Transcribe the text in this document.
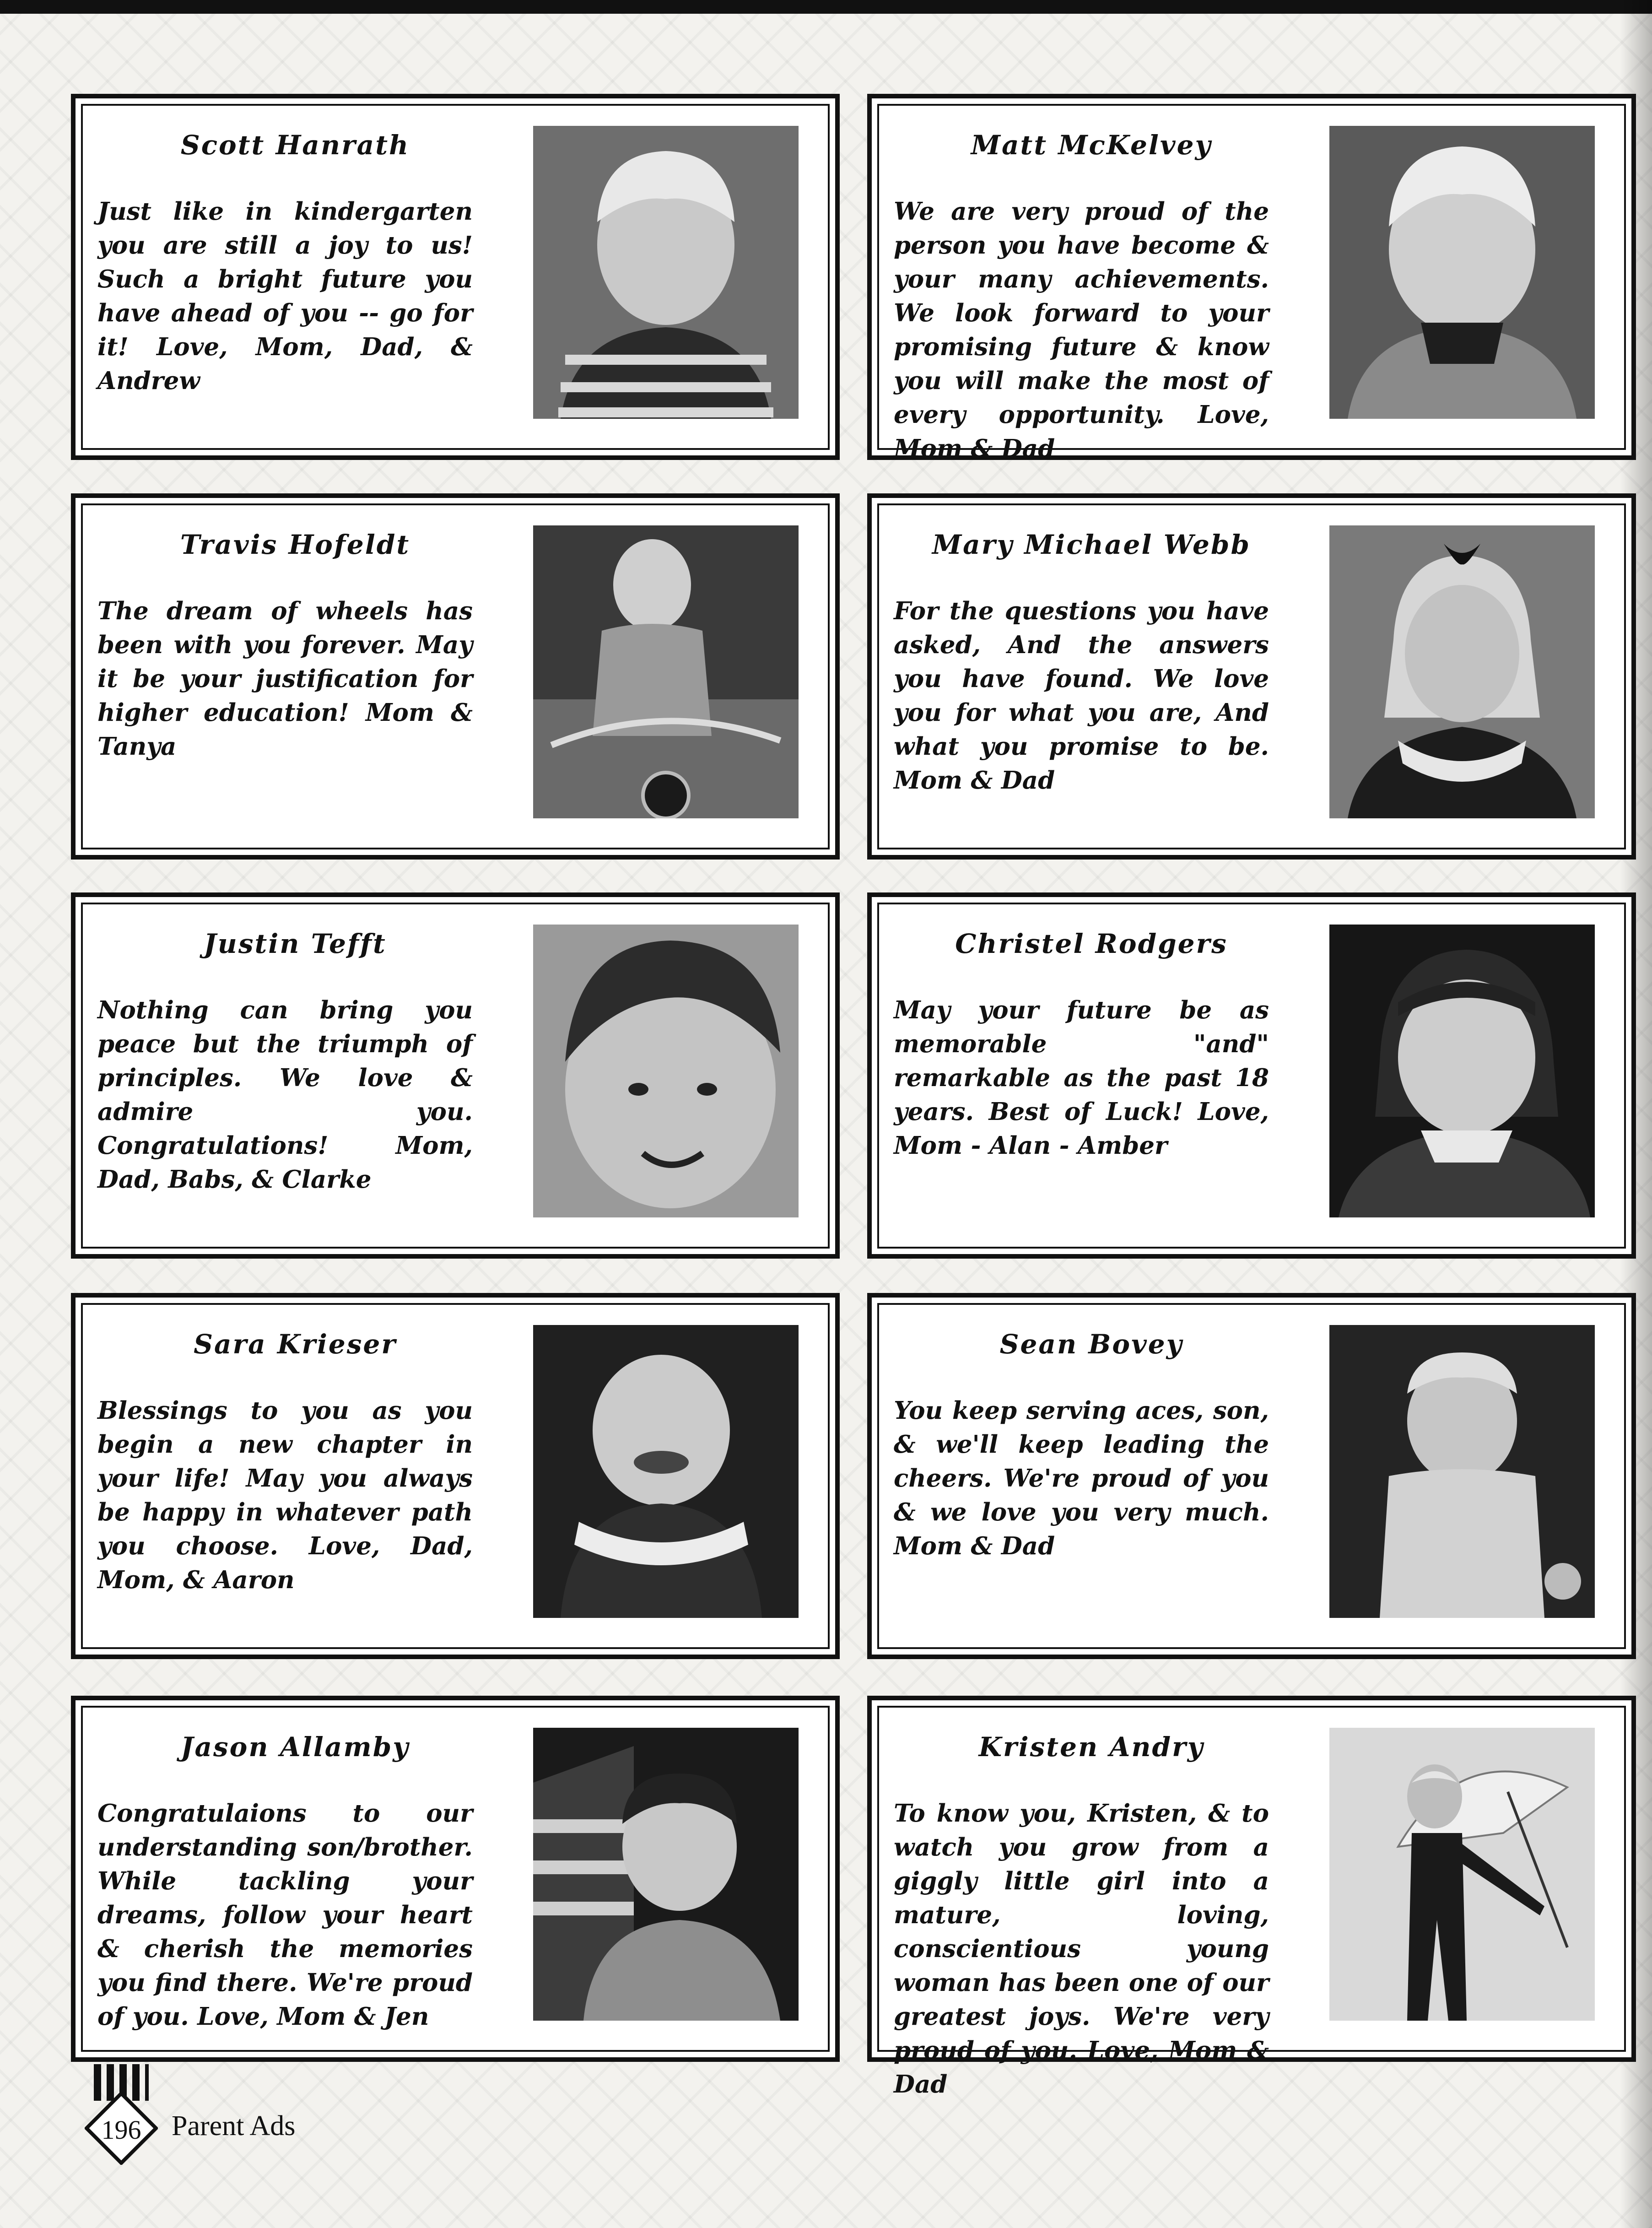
Scott Hanrath

Just like in kindergarten you are still a joy to us! Such a bright future you have ahead of you -- go for it! Love, Mom, Dad, & Andrew

Matt McKelvey

We are very proud of the person you have become & your many achievements. We look forward to your promising future & know you will make the most of every opportunity. Love, Mom & Dad

Travis Hofeldt

The dream of wheels has been with you forever. May it be your justification for higher education! Mom & Tanya

Mary Michael Webb

For the questions you have asked, And the answers you have found. We love you for what you are, And what you promise to be. Mom & Dad

Justin Tefft

Nothing can bring you peace but the triumph of principles. We love & admire you. Congratulations! Mom, Dad, Babs, & Clarke

Christel Rodgers

May your future be as memorable "and" remarkable as the past 18 years. Best of Luck! Love, Mom - Alan - Amber

Sara Krieser

Blessings to you as you begin a new chapter in your life! May you always be happy in whatever path you choose. Love, Dad, Mom, & Aaron

Sean Bovey

You keep serving aces, son, & we'll keep leading the cheers. We're proud of you & we love you very much. Mom & Dad

Jason Allamby

Congratulaions to our understanding son/brother. While tackling your dreams, follow your heart & cherish the memories you find there. We're proud of you. Love, Mom & Jen

Kristen Andry

To know you, Kristen, & to watch you grow from a giggly little girl into a mature, loving, conscientious young woman has been one of our greatest joys. We're very proud of you. Love, Mom & Dad

196 Parent Ads
